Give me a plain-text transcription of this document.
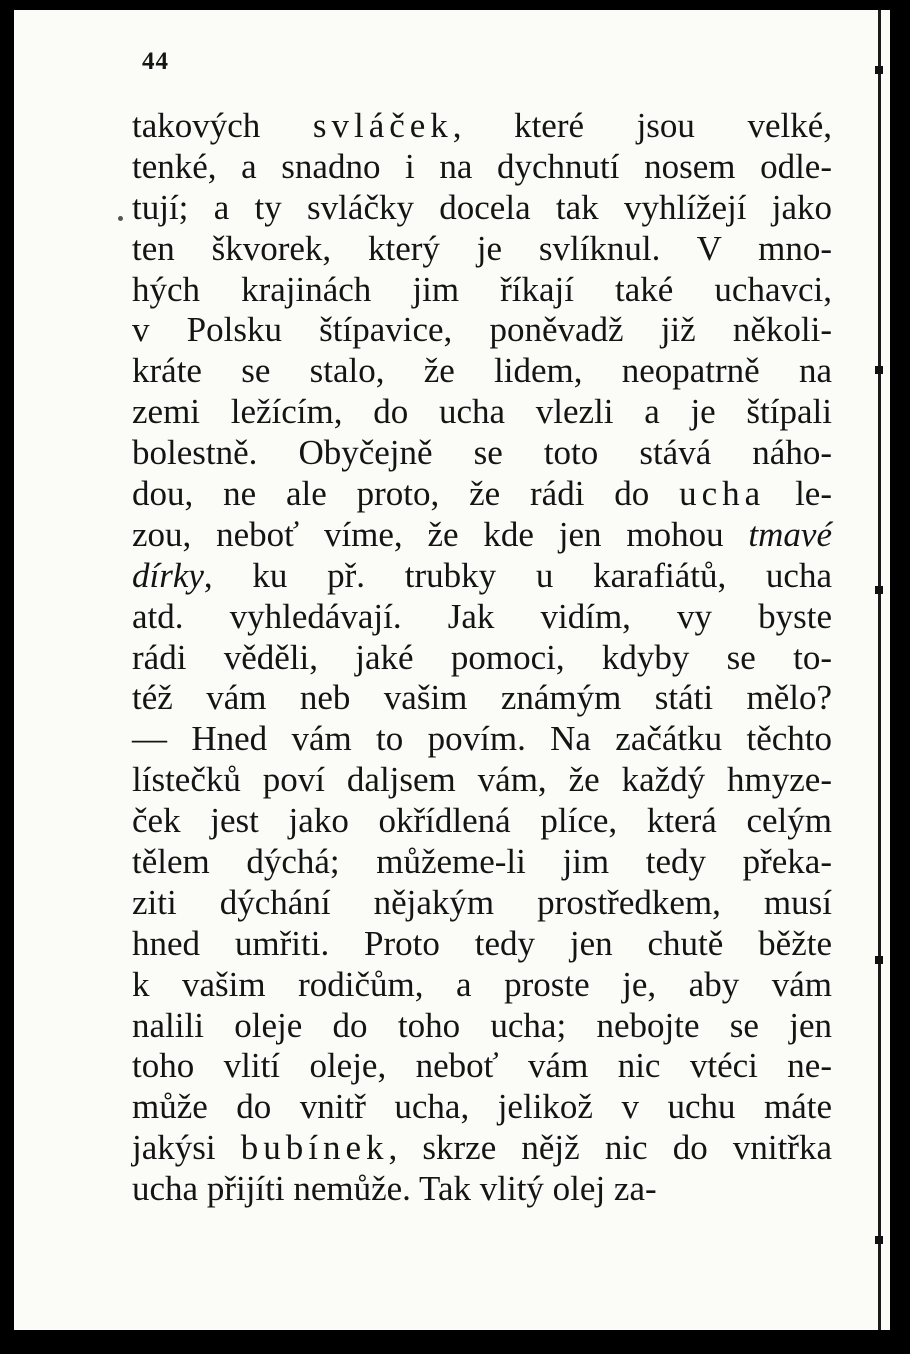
44
takových svláček, které jsou velké,
tenké, a snadno i na dychnutí nosem odle-
tují; a ty svláčky docela tak vyhlížejí jako
ten škvorek, který je svlíknul. V mno-
hých krajinách jim říkají také uchavci,
v Polsku štípavice, poněvadž již několi-
kráte se stalo, že lidem, neopatrně na
zemi ležícím, do ucha vlezli a je štípali
bolestně. Obyčejně se toto stává náho-
dou, ne ale proto, že rádi do ucha le-
zou, neboť víme, že kde jen mohou tmavé
dírky, ku př. trubky u karafiátů, ucha
atd. vyhledávají. Jak vidím, vy byste
rádi věděli, jaké pomoci, kdyby se to-
též vám neb vašim známým státi mělo?
— Hned vám to povím. Na začátku těchto
lístečků poví daljsem vám, že každý hmyze-
ček jest jako okřídlená plíce, která celým
tělem dýchá; můžeme-li jim tedy překa-
ziti dýchání nějakým prostředkem, musí
hned umřiti. Proto tedy jen chutě běžte
k vašim rodičům, a proste je, aby vám
nalili oleje do toho ucha; nebojte se jen
toho vlití oleje, neboť vám nic vtéci ne-
může do vnitř ucha, jelikož v uchu máte
jakýsi bubínek, skrze nějž nic do vnitřka
ucha přijíti nemůže. Tak vlitý olej za-
